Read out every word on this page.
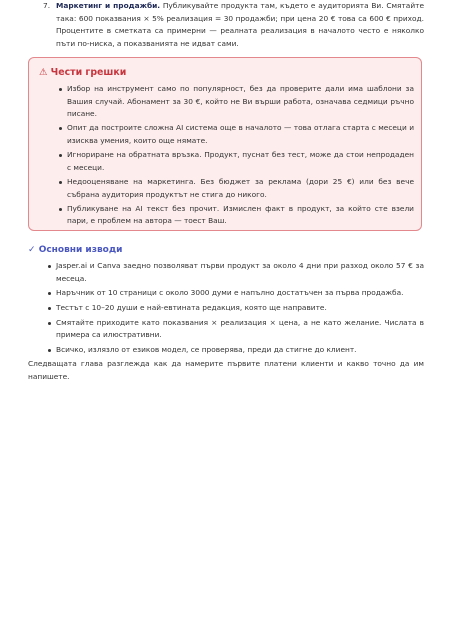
7. Маркетинг и продажби. Публикувайте продукта там, където е аудиторията Ви. Смятайте така: 600 показвания × 5% реализация = 30 продажби; при цена 20 € това са 600 € приход. Процентите в сметката са примерни — реалната реализация в началото често е няколко пъти по-ниска, а показванията не идват сами.
⚠ Чести грешки
Избор на инструмент само по популярност, без да проверите дали има шаблони за Вашия случай. Абонамент за 30 €, който не Ви върши работа, означава седмици ръчно писане.
Опит да построите сложна AI система още в началото — това отлага старта с месеци и изисква умения, които още нямате.
Игнориране на обратната връзка. Продукт, пуснат без тест, може да стои непродаден с месеци.
Недооценяване на маркетинга. Без бюджет за реклама (дори 25 €) или без вече събрана аудитория продуктът не стига до никого.
Публикуване на AI текст без прочит. Измислен факт в продукт, за който сте взели пари, е проблем на автора — тоест Ваш.
✓ Основни изводи
Jasper.ai и Canva заедно позволяват първи продукт за около 4 дни при разход около 57 € за месеца.
Наръчник от 10 страници с около 3000 думи е напълно достатъчен за първа продажба.
Тестът с 10–20 души е най-евтината редакция, която ще направите.
Смятайте приходите като показвания × реализация × цена, а не като желание. Числата в примера са илюстративни.
Всичко, излязло от езиков модел, се проверява, преди да стигне до клиент.

Следващата глава разглежда как да намерите първите платени клиенти и какво точно да им напишете.
